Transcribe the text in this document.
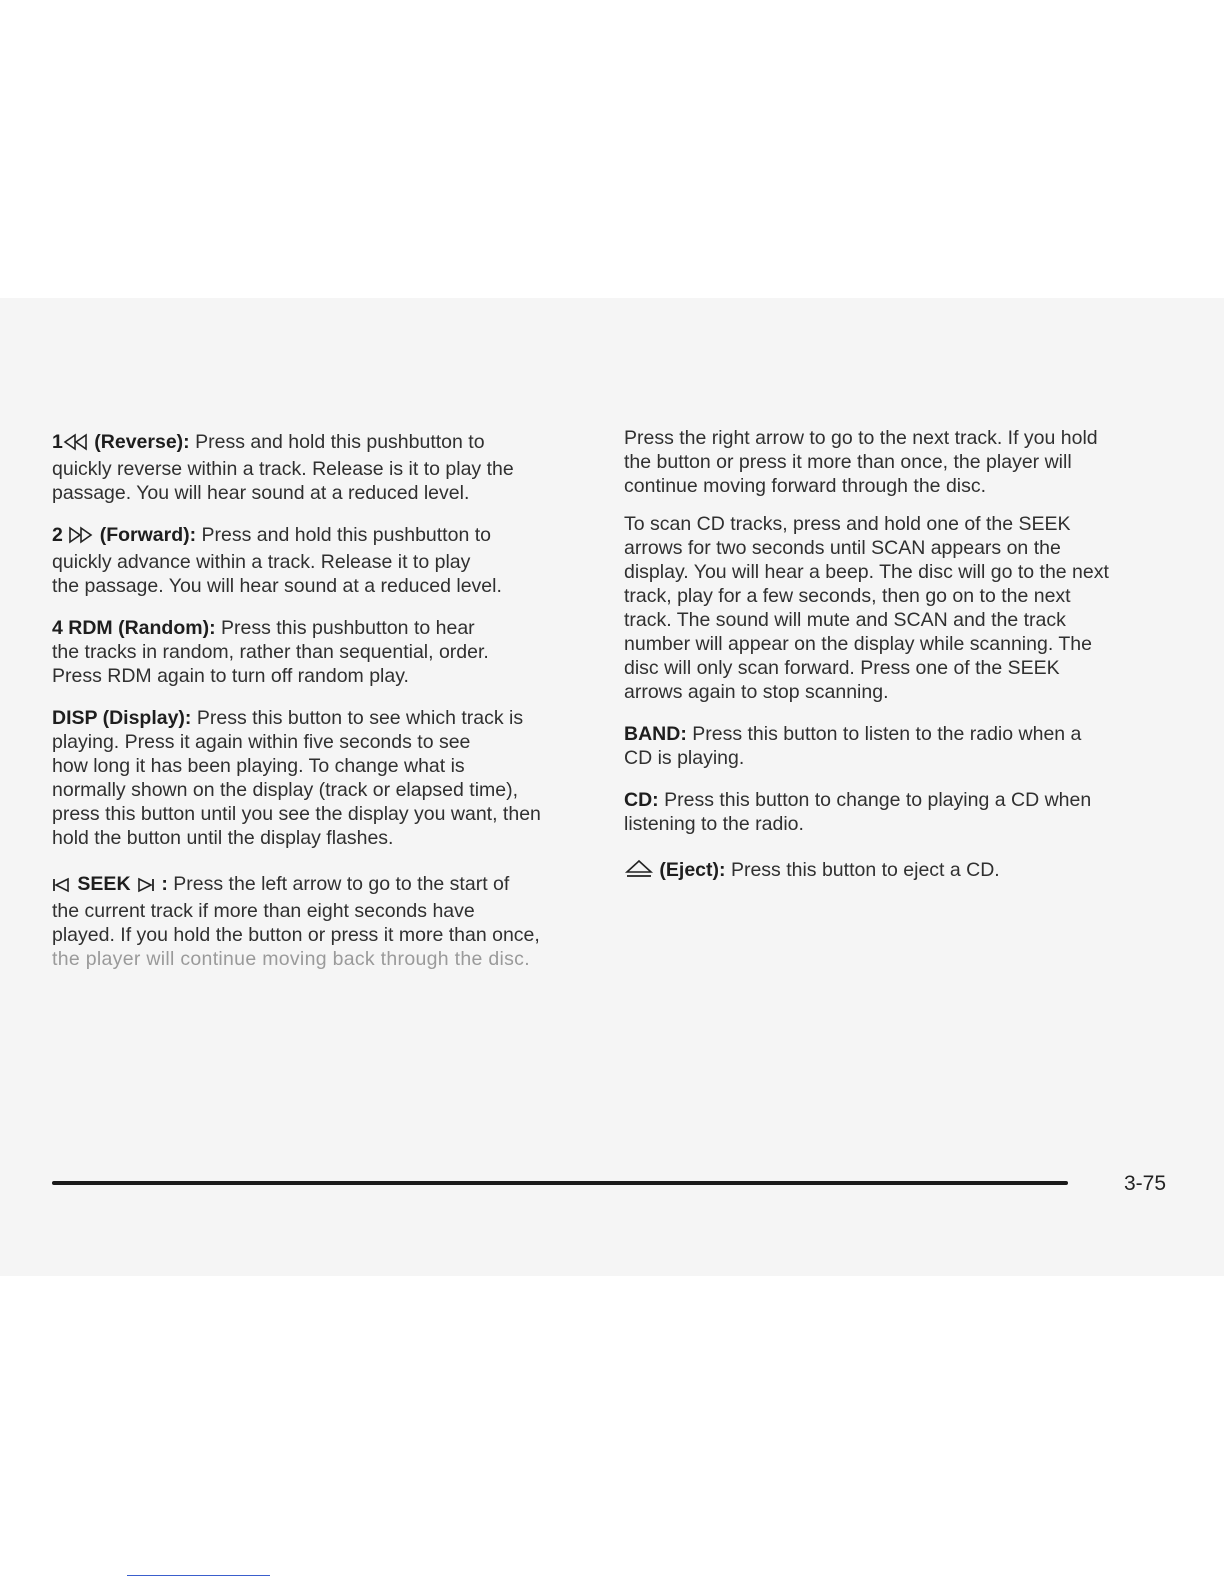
1 (Reverse): Press and hold this pushbutton to
quickly reverse within a track. Release is it to play the
passage. You will hear sound at a reduced level.
2 (Forward): Press and hold this pushbutton to
quickly advance within a track. Release it to play
the passage. You will hear sound at a reduced level.
4 RDM (Random): Press this pushbutton to hear
the tracks in random, rather than sequential, order.
Press RDM again to turn off random play.
DISP (Display): Press this button to see which track is
playing. Press it again within five seconds to see
how long it has been playing. To change what is
normally shown on the display (track or elapsed time),
press this button until you see the display you want, then
hold the button until the display flashes.
SEEK : Press the left arrow to go to the start of
the current track if more than eight seconds have
played. If you hold the button or press it more than once,
the player will continue moving back through the disc.
Press the right arrow to go to the next track. If you hold
the button or press it more than once, the player will
continue moving forward through the disc.
To scan CD tracks, press and hold one of the SEEK
arrows for two seconds until SCAN appears on the
display. You will hear a beep. The disc will go to the next
track, play for a few seconds, then go on to the next
track. The sound will mute and SCAN and the track
number will appear on the display while scanning. The
disc will only scan forward. Press one of the SEEK
arrows again to stop scanning.
BAND: Press this button to listen to the radio when a
CD is playing.
CD: Press this button to change to playing a CD when
listening to the radio.
(Eject): Press this button to eject a CD.
3-75
